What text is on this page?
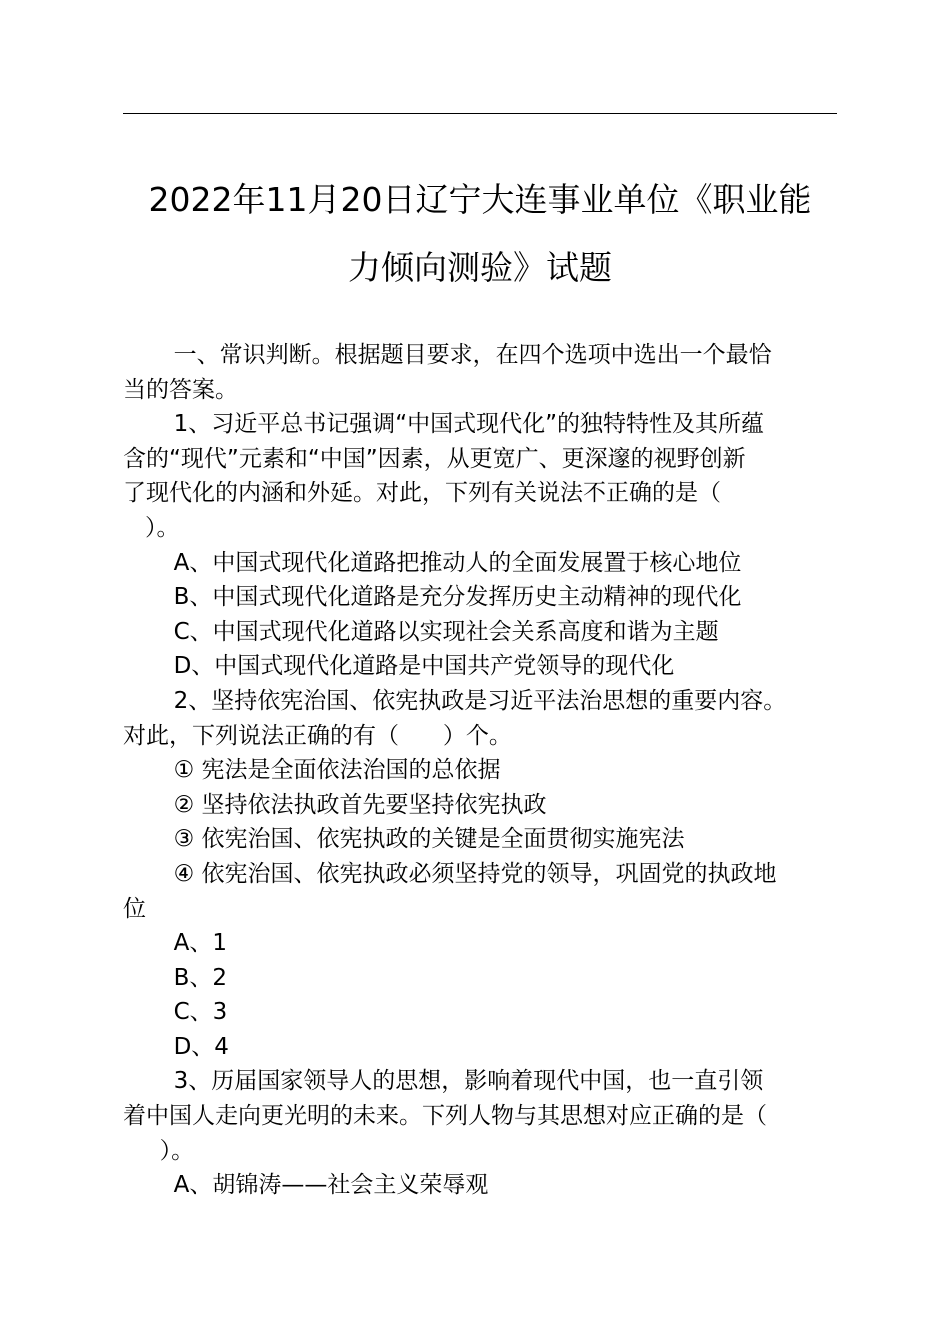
2022年11月20日辽宁大连事业单位《职业能
力倾向测验》试题

一、常识判断。根据题目要求，在四个选项中选出一个最恰

当的答案。

1、习近平总书记强调“中国式现代化”的独特特性及其所蕴

含的“现代”元素和“中国”因素，从更宽广、更深邃的视野创新

了现代化的内涵和外延。对此，下列有关说法不正确的是（

）。

A、中国式现代化道路把推动人的全面发展置于核心地位

B、中国式现代化道路是充分发挥历史主动精神的现代化

C、中国式现代化道路以实现社会关系高度和谐为主题

D、中国式现代化道路是中国共产党领导的现代化

2、坚持依宪治国、依宪执政是习近平法治思想的重要内容。

对此，下列说法正确的有（      ）个。

① 宪法是全面依法治国的总依据

② 坚持依法执政首先要坚持依宪执政

③ 依宪治国、依宪执政的关键是全面贯彻实施宪法

④ 依宪治国、依宪执政必须坚持党的领导，巩固党的执政地

位

A、1

B、2

C、3

D、4

3、历届国家领导人的思想，影响着现代中国，也一直引领

着中国人走向更光明的未来。下列人物与其思想对应正确的是（

）。

A、胡锦涛——社会主义荣辱观
